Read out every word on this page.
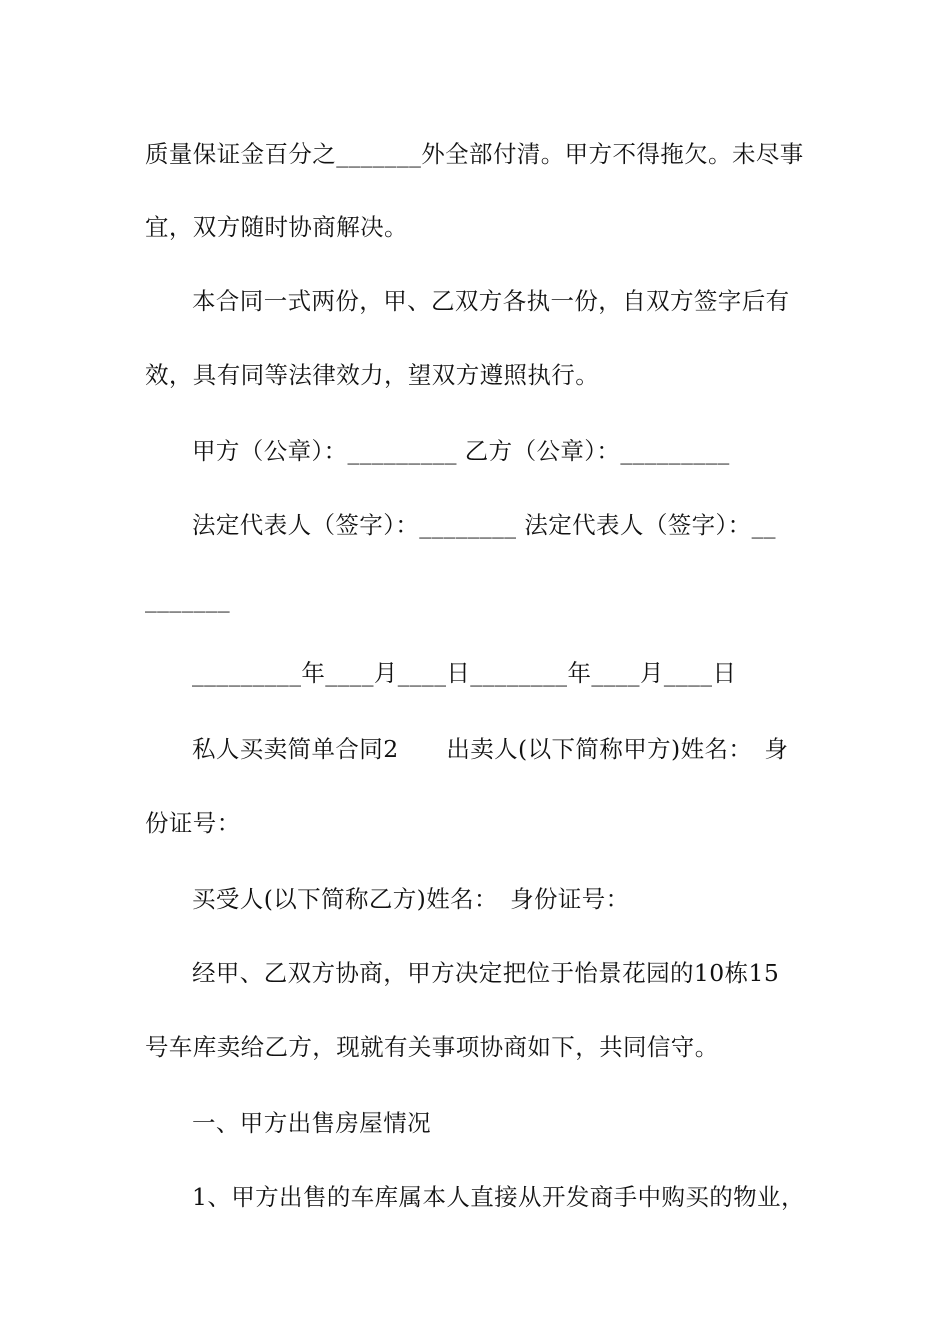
质量保证金百分之_______外全部付清。甲方不得拖欠。未尽事
宜，双方随时协商解决。
本合同一式两份，甲、乙双方各执一份，自双方签字后有
效，具有同等法律效力，望双方遵照执行。
甲方（公章）：_________ 乙方（公章）：_________
法定代表人（签字）：________ 法定代表人（签字）：__
_______
_________年____月____日________年____月____日
私人买卖简单合同2　　出卖人(以下简称甲方)姓名：　身
份证号：
买受人(以下简称乙方)姓名：　身份证号：
经甲、乙双方协商，甲方决定把位于怡景花园的10栋15
号车库卖给乙方，现就有关事项协商如下，共同信守。
一、甲方出售房屋情况
1、甲方出售的车库属本人直接从开发商手中购买的物业，
